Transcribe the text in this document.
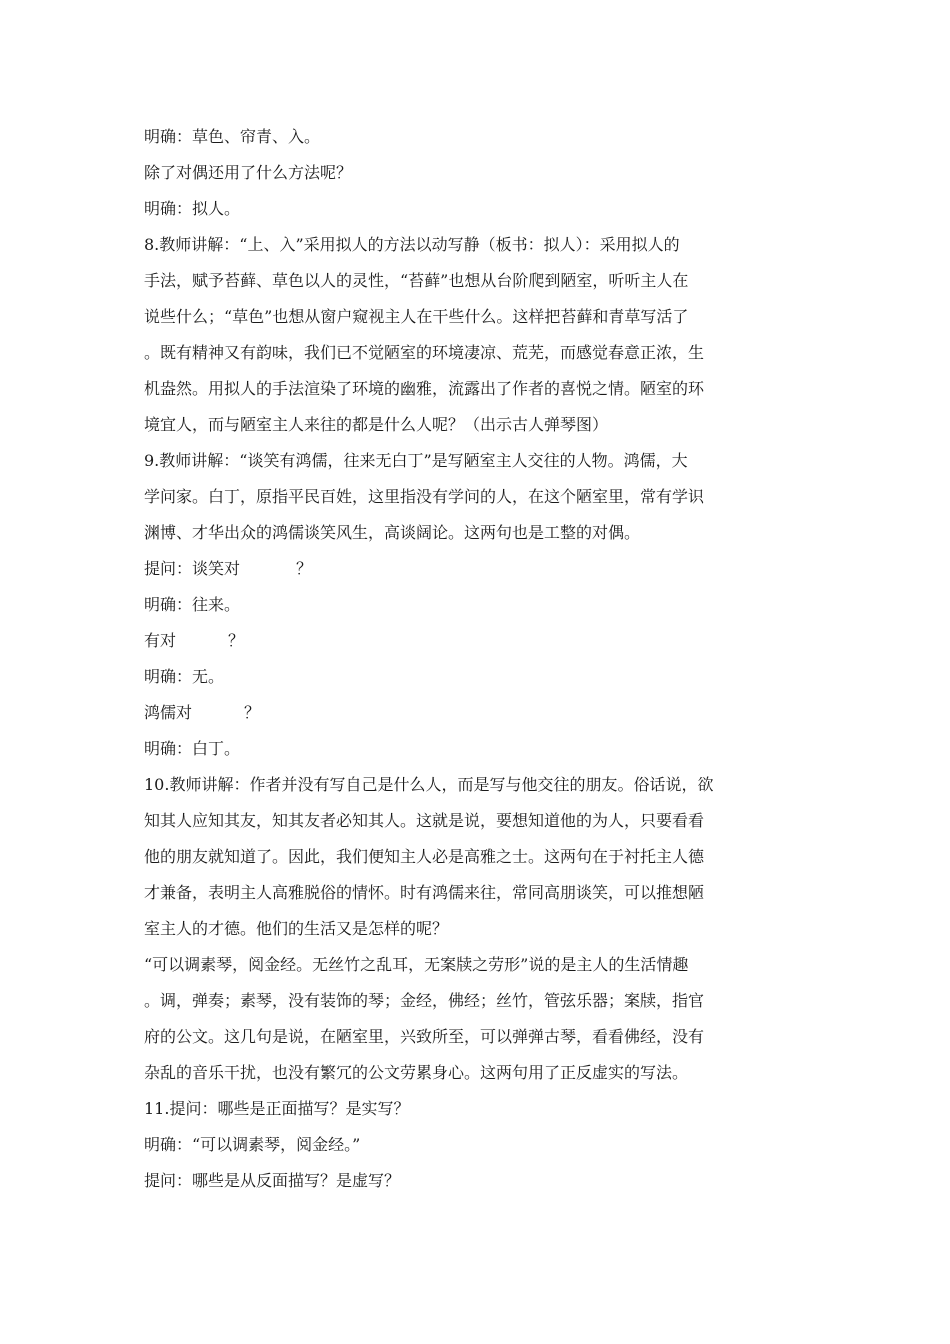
明确：草色、帘青、入。
除了对偶还用了什么方法呢？
明确：拟人。
8.教师讲解：“上、入”采用拟人的方法以动写静（板书：拟人）：采用拟人的
手法，赋予苔藓、草色以人的灵性，“苔藓”也想从台阶爬到陋室，听听主人在
说些什么；“草色”也想从窗户窥视主人在干些什么。这样把苔藓和青草写活了
。既有精神又有韵味，我们已不觉陋室的环境凄凉、荒芜，而感觉春意正浓，生
机盎然。用拟人的手法渲染了环境的幽雅，流露出了作者的喜悦之情。陋室的环
境宜人，而与陋室主人来往的都是什么人呢？（出示古人弹琴图）
9.教师讲解：“谈笑有鸿儒，往来无白丁”是写陋室主人交往的人物。鸿儒，大
学问家。白丁，原指平民百姓，这里指没有学问的人，在这个陋室里，常有学识
渊博、才华出众的鸿儒谈笑风生，高谈阔论。这两句也是工整的对偶。
提问：谈笑对	？
明确：往来。
有对	？
明确：无。
鸿儒对	？
明确：白丁。
10.教师讲解：作者并没有写自己是什么人，而是写与他交往的朋友。俗话说，欲
知其人应知其友，知其友者必知其人。这就是说，要想知道他的为人，只要看看
他的朋友就知道了。因此，我们便知主人必是高雅之士。这两句在于衬托主人德
才兼备，表明主人高雅脱俗的情怀。时有鸿儒来往，常同高朋谈笑，可以推想陋
室主人的才德。他们的生活又是怎样的呢？
“可以调素琴，阅金经。无丝竹之乱耳，无案牍之劳形”说的是主人的生活情趣
。调，弹奏；素琴，没有装饰的琴；金经，佛经；丝竹，管弦乐器；案牍，指官
府的公文。这几句是说，在陋室里，兴致所至，可以弹弹古琴，看看佛经，没有
杂乱的音乐干扰，也没有繁冗的公文劳累身心。这两句用了正反虚实的写法。
11.提问：哪些是正面描写？是实写？
明确：“可以调素琴，阅金经。”
提问：哪些是从反面描写？是虚写？
